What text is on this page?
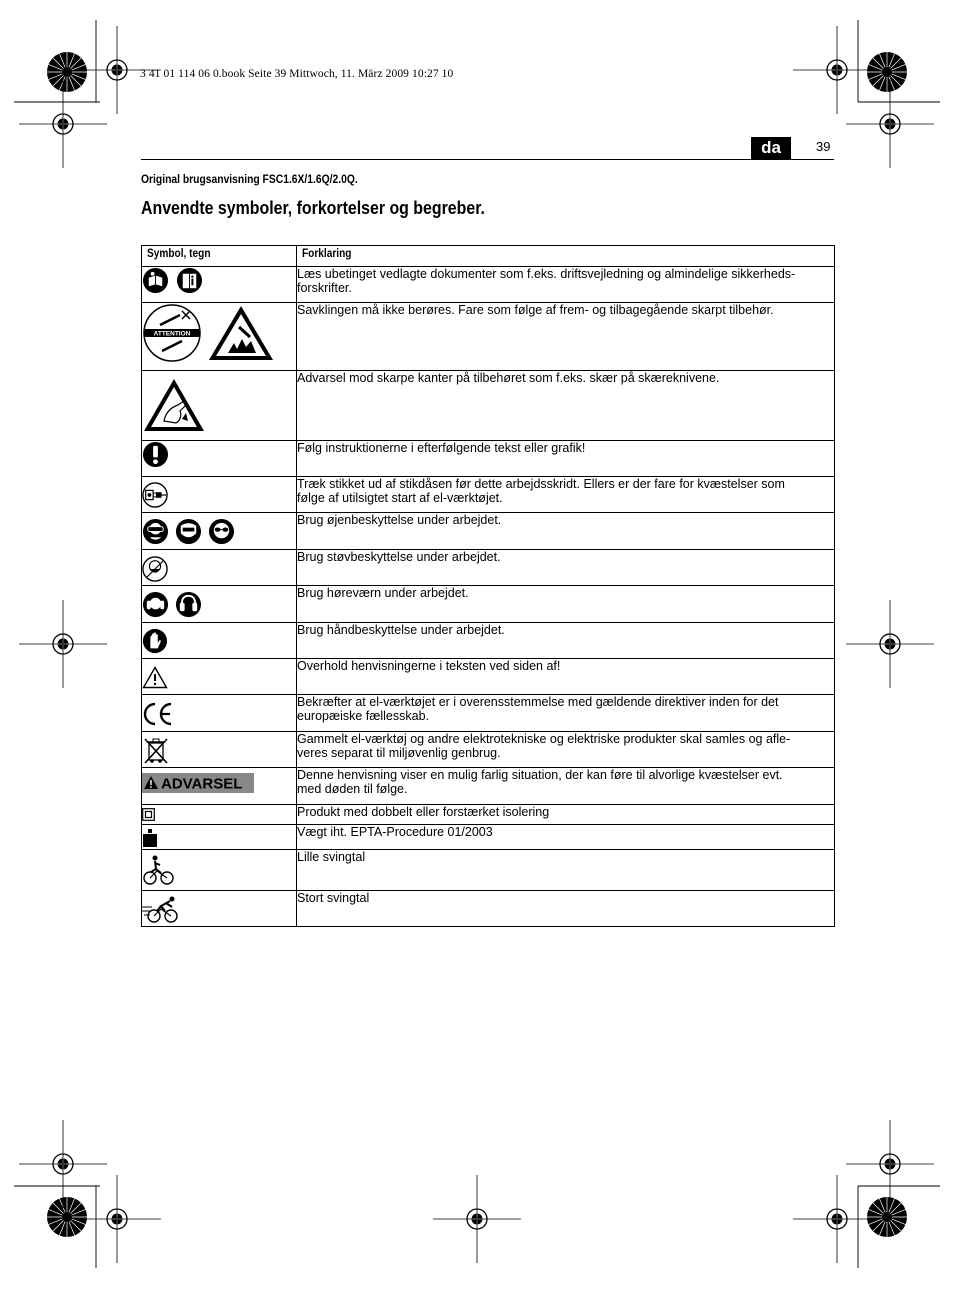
3 41 01 114 06 0.book Seite 39 Mittwoch, 11. März 2009 10:27 10
da	39
Original brugsanvisning FSC1.6X/1.6Q/2.0Q.
Anvendte symboler, forkortelser og begreber.
Symbol, tegn	Forklaring

Læs ubetinget vedlagte dokumenter som f.eks. driftsvejledning og almindelige sikkerheds-
forskrifter.

ATTENTION	Savklingen må ikke berøres. Fare som følge af frem- og tilbagegående skarpt tilbehør.

Advarsel mod skarpe kanter på tilbehøret som f.eks. skær på skæreknivene.

Følg instruktionerne i efterfølgende tekst eller grafik!

Træk stikket ud af stikdåsen før dette arbejdsskridt. Ellers er der fare for kvæstelser som
følge af utilsigtet start af el-værktøjet.

Brug øjenbeskyttelse under arbejdet.

Brug støvbeskyttelse under arbejdet.

Brug høreværn under arbejdet.

Brug håndbeskyttelse under arbejdet.

Overhold henvisningerne i teksten ved siden af!

Bekræfter at el-værktøjet er i overensstemmelse med gældende direktiver inden for det
europæiske fællesskab.

Gammelt el-værktøj og andre elektrotekniske og elektriske produkter skal samles og afle-
veres separat til miljøvenlig genbrug.

ADVARSEL	Denne henvisning viser en mulig farlig situation, der kan føre til alvorlige kvæstelser evt.
med døden til følge.

Produkt med dobbelt eller forstærket isolering

Vægt iht. EPTA-Procedure 01/2003

Lille svingtal

Stort svingtal
